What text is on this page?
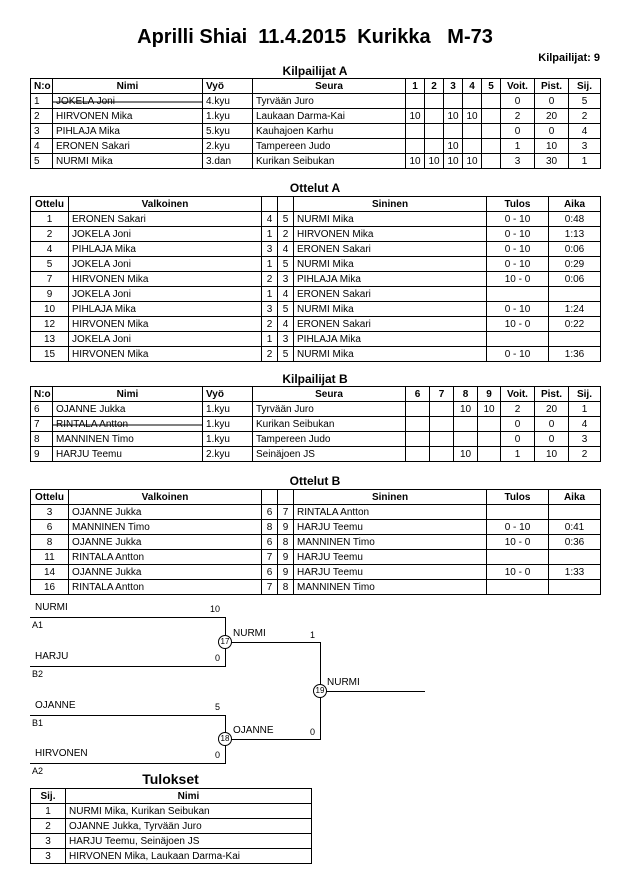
Aprilli Shiai  11.4.2015  Kurikka   M-73
Kilpailijat: 9
Kilpailijat A
N:o	Nimi	Vyö	Seura	1	2	3	4	5	Voit.	Pist.	Sij.
1	JOKELA Joni	4.kyu	Tyrvään Juro						0	0	5
2	HIRVONEN Mika	1.kyu	Laukaan Darma-Kai	10		10	10		2	20	2
3	PIHLAJA Mika	5.kyu	Kauhajoen Karhu						0	0	4
4	ERONEN Sakari	2.kyu	Tampereen Judo			10			1	10	3
5	NURMI Mika	3.dan	Kurikan Seibukan	10	10	10	10		3	30	1
Ottelut A
Ottelu	Valkoinen			Sininen	Tulos	Aika
1	ERONEN Sakari	4	5	NURMI Mika	0 - 10	0:48
2	JOKELA Joni	1	2	HIRVONEN Mika	0 - 10	1:13
4	PIHLAJA Mika	3	4	ERONEN Sakari	0 - 10	0:06
5	JOKELA Joni	1	5	NURMI Mika	0 - 10	0:29
7	HIRVONEN Mika	2	3	PIHLAJA Mika	10 - 0	0:06
9	JOKELA Joni	1	4	ERONEN Sakari		
10	PIHLAJA Mika	3	5	NURMI Mika	0 - 10	1:24
12	HIRVONEN Mika	2	4	ERONEN Sakari	10 - 0	0:22
13	JOKELA Joni	1	3	PIHLAJA Mika		
15	HIRVONEN Mika	2	5	NURMI Mika	0 - 10	1:36
Kilpailijat B
N:o	Nimi	Vyö	Seura	6	7	8	9	Voit.	Pist.	Sij.
6	OJANNE Jukka	1.kyu	Tyrvään Juro			10	10	2	20	1
7	RINTALA Antton	1.kyu	Kurikan Seibukan					0	0	4
8	MANNINEN Timo	1.kyu	Tampereen Judo					0	0	3
9	HARJU Teemu	2.kyu	Seinäjoen JS			10		1	10	2
Ottelut B
Ottelu	Valkoinen			Sininen	Tulos	Aika
3	OJANNE Jukka	6	7	RINTALA Antton		
6	MANNINEN Timo	8	9	HARJU Teemu	0 - 10	0:41
8	OJANNE Jukka	6	8	MANNINEN Timo	10 - 0	0:36
11	RINTALA Antton	7	9	HARJU Teemu		
14	OJANNE Jukka	6	9	HARJU Teemu	10 - 0	1:33
16	RINTALA Antton	7	8	MANNINEN Timo		
NURMI	10
A1
HARJU	0
B2
17
NURMI	1
OJANNE	5
B1
HIRVONEN	0
A2
18
OJANNE	0
19
NURMI
Tulokset
Sij.	Nimi
1	NURMI Mika, Kurikan Seibukan
2	OJANNE Jukka, Tyrvään Juro
3	HARJU Teemu, Seinäjoen JS
3	HIRVONEN Mika, Laukaan Darma-Kai
